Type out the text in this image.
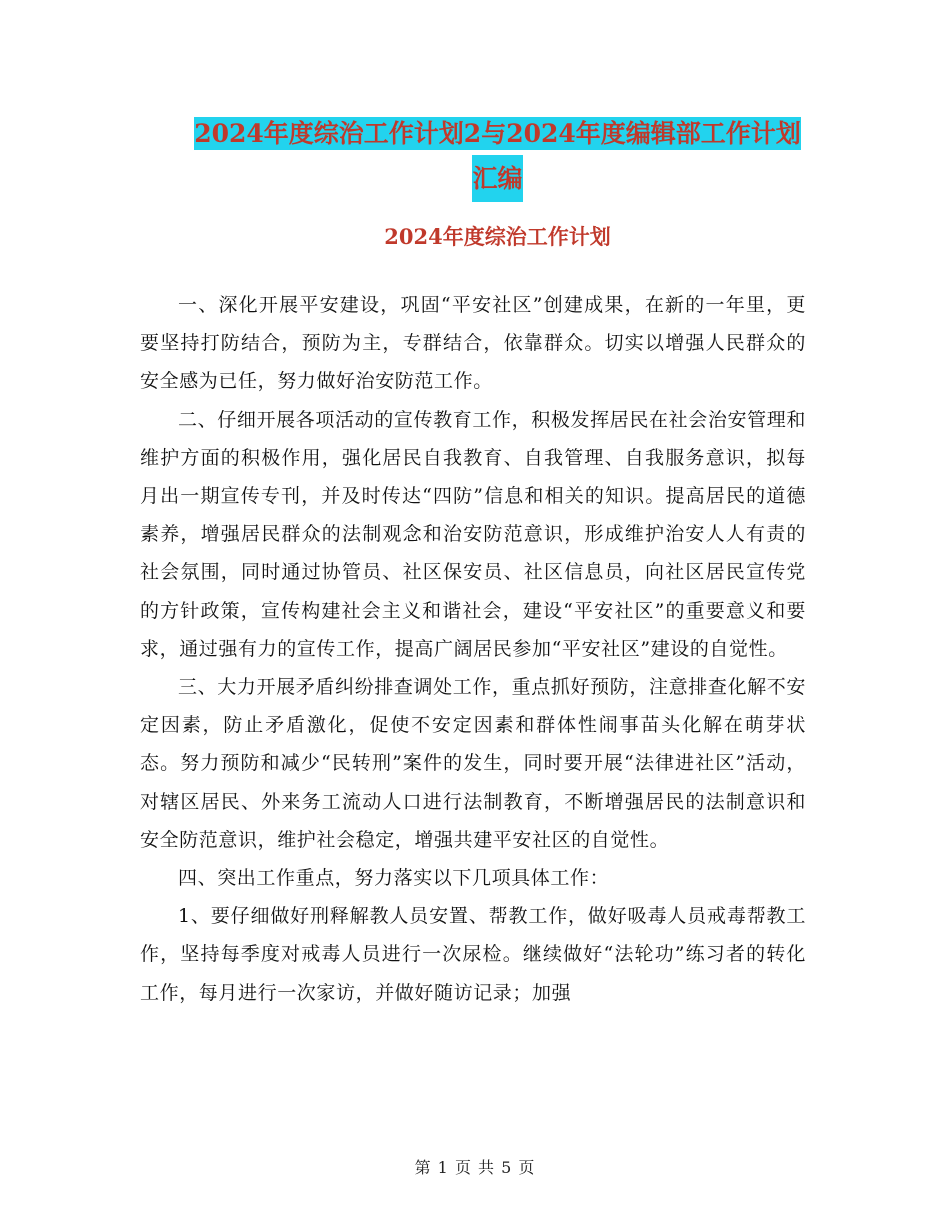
2024年度综治工作计划2与2024年度编辑部工作计划
汇编
2024年度综治工作计划

一、深化开展平安建设，巩固“平安社区”创建成果，在新的一年里，更要坚持打防结合，预防为主，专群结合，依靠群众。切实以增强人民群众的安全感为已任，努力做好治安防范工作。

二、仔细开展各项活动的宣传教育工作，积极发挥居民在社会治安管理和维护方面的积极作用，强化居民自我教育、自我管理、自我服务意识，拟每月出一期宣传专刊，并及时传达“四防”信息和相关的知识。提高居民的道德素养，增强居民群众的法制观念和治安防范意识，形成维护治安人人有责的社会氛围，同时通过协管员、社区保安员、社区信息员，向社区居民宣传党的方针政策，宣传构建社会主义和谐社会，建设“平安社区”的重要意义和要求，通过强有力的宣传工作，提高广阔居民参加“平安社区”建设的自觉性。

三、大力开展矛盾纠纷排查调处工作，重点抓好预防，注意排查化解不安定因素，防止矛盾激化，促使不安定因素和群体性闹事苗头化解在萌芽状态。努力预防和减少“民转刑”案件的发生，同时要开展“法律进社区”活动，对辖区居民、外来务工流动人口进行法制教育，不断增强居民的法制意识和安全防范意识，维护社会稳定，增强共建平安社区的自觉性。

四、突出工作重点，努力落实以下几项具体工作：

1、要仔细做好刑释解教人员安置、帮教工作，做好吸毒人员戒毒帮教工作，坚持每季度对戒毒人员进行一次尿检。继续做好“法轮功”练习者的转化工作，每月进行一次家访，并做好随访记录；加强

第 1 页 共 5 页
